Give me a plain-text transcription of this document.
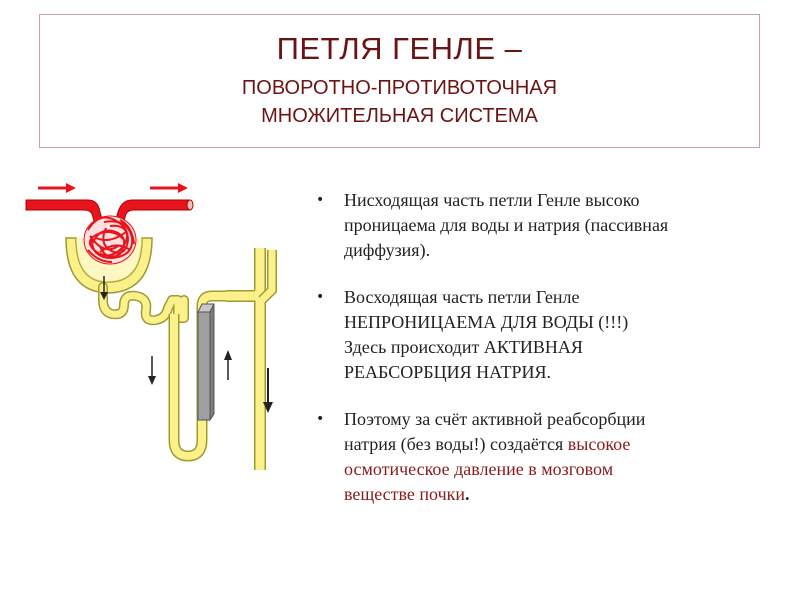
ПЕТЛЯ ГЕНЛЕ –
ПОВОРОТНО-ПРОТИВОТОЧНАЯ
МНОЖИТЕЛЬНАЯ СИСТЕМА
• Нисходящая часть петли Генле высоко
проницаема для воды и натрия (пассивная
диффузия).
• Восходящая часть петли Генле
НЕПРОНИЦАЕМА ДЛЯ ВОДЫ (!!!)
Здесь происходит АКТИВНАЯ
РЕАБСОРБЦИЯ НАТРИЯ.
• Поэтому за счёт активной реабсорбции
натрия (без воды!) создаётся высокое
осмотическое давление в мозговом
веществе почки.
